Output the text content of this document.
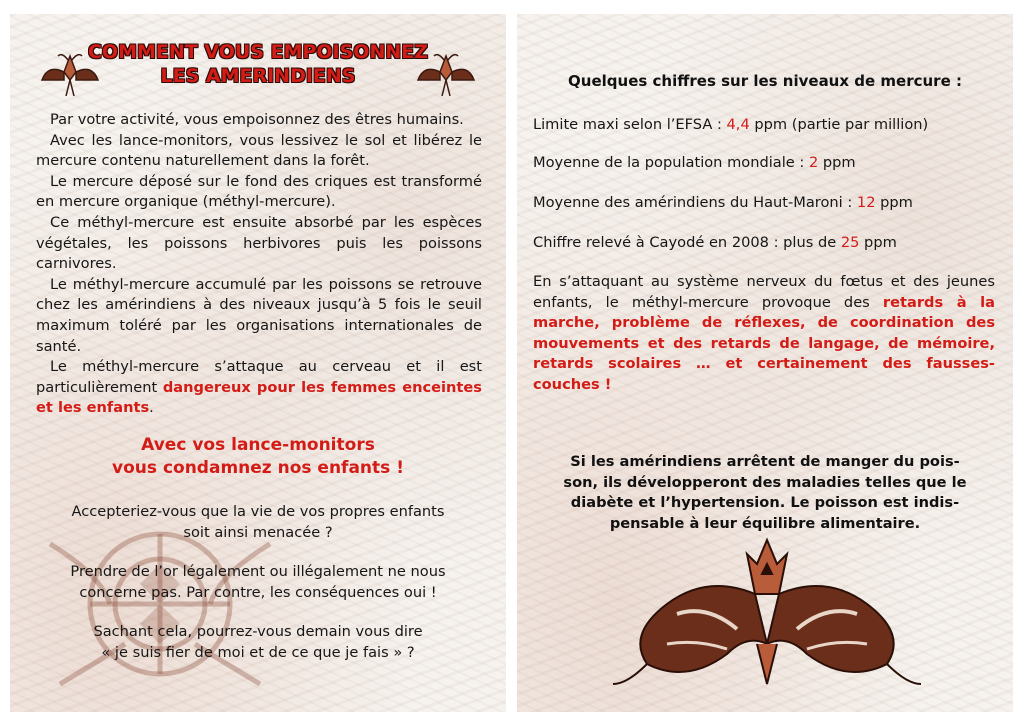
COMMENT VOUS EMPOISONNEZ
LES AMERINDIENS

Par votre activité, vous empoisonnez des êtres humains.

Avec les lance-monitors, vous lessivez le sol et libérez le mercure contenu naturellement dans la forêt.

Le mercure déposé sur le fond des criques est transformé en mercure organique (méthyl-mercure).

Ce méthyl-mercure est ensuite absorbé par les espèces végétales, les poissons herbivores puis les poissons carnivores.

Le méthyl-mercure accumulé par les poissons se retrouve chez les amérindiens à des niveaux jusqu’à 5 fois le seuil maximum toléré par les organisations internationales de santé.

Le méthyl-mercure s’attaque au cerveau et il est particulièrement dangereux pour les femmes enceintes et les enfants.

Avec vos lance-monitors
vous condamnez nos enfants !
Accepteriez-vous que la vie de vos propres enfants
soit ainsi menacée ?
Prendre de l’or légalement ou illégalement ne nous
concerne pas. Par contre, les conséquences oui !
Sachant cela, pourrez-vous demain vous dire
« je suis fier de moi et de ce que je fais » ?
Quelques chiffres sur les niveaux de mercure :
Limite maxi selon l’EFSA : 4,4 ppm (partie par million)
Moyenne de la population mondiale : 2 ppm
Moyenne des amérindiens du Haut-Maroni : 12 ppm
Chiffre relevé à Cayodé en 2008 : plus de 25 ppm
En s’attaquant au système nerveux du fœtus et des jeunes enfants, le méthyl-mercure provoque des retards à la marche, problème de réflexes, de coordination des mouvements et des retards de langage, de mémoire, retards scolaires … et certainement des fausses-couches !
Si les amérindiens arrêtent de manger du pois-
son, ils développeront des maladies telles que le
diabète et l’hypertension. Le poisson est indis-
pensable à leur équilibre alimentaire.
